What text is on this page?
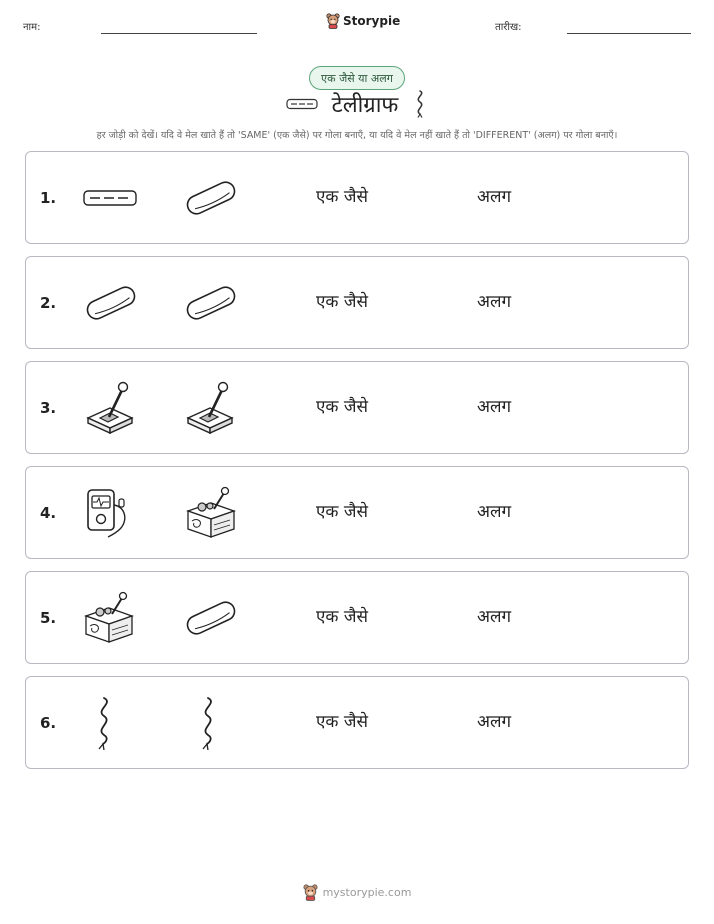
नाम:	Storypie	तारीख:
एक जैसे या अलग
टेलीग्राफ
हर जोड़ी को देखें। यदि वे मेल खाते हैं तो 'SAME' (एक जैसे) पर गोला बनाएँ, या यदि वे मेल नहीं खाते हैं तो 'DIFFERENT' (अलग) पर गोला बनाएँ।
1.	एक जैसे	अलग
2.	एक जैसे	अलग
3.	एक जैसे	अलग
4.	एक जैसे	अलग
5.	एक जैसे	अलग
6.	एक जैसे	अलग
mystorypie.com
